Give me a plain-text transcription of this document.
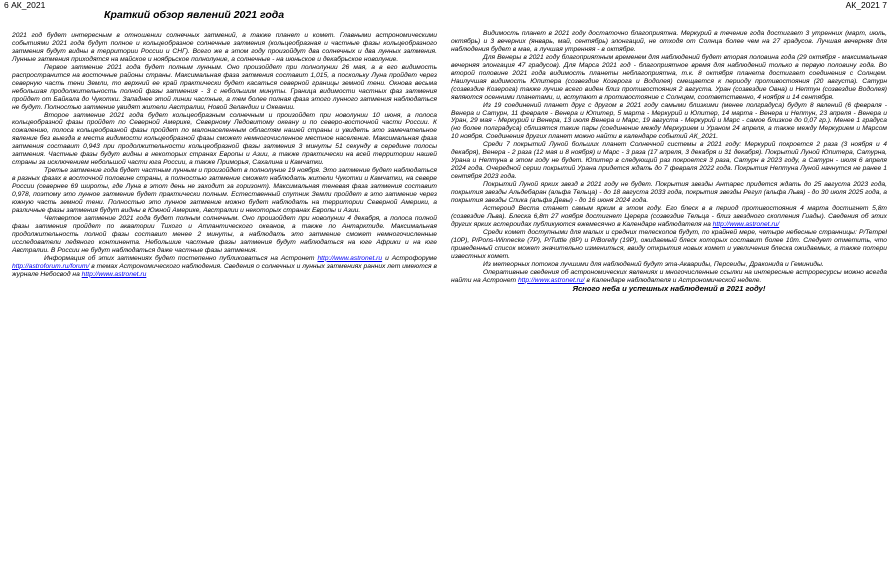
6 АК_2021
Краткий обзор явлений 2021 года

2021 год будет интересным в отношении солнечных затмений, а также планет и комет. Главными астрономическими событиями 2021 года будут полное и кольцеобразное солнечные затмения (кольцеобразная и частные фазы кольцеобразного затмения будут видны в территории России и СНГ). Всего же в этом году произойдут два солнечных и два лунных затмения. Лунные затмения приходятся на майское и ноябрьское полнолуние, а солнечные - на июньское и декабрьское новолуние.

Первое затмение 2021 года будет полным лунным. Оно произойдет при полнолунии 26 мая, а в его видимость распространится на восточные районы страны. Максимальная фаза затмения составит 1,015, а поскольку Луна пройдет через северную часть тени Земли, то верхний ее край практически будет касаться северной границы земной тени. Окнова весьма небольшая продолжительность полной фазы затмения - 3 с небольшим минуты. Граница видимости частных фаз затмения пройдет от Байкала до Чукотки. Западнее этой линии частные, а тем более полная фаза этого лунного затмения наблюдаться не будут. Полностью затмение увидят жители Австралии, Новой Зеландии и Океании.

Второе затмение 2021 года будет кольцеобразным солнечным и произойдет при новолунии 10 июня, а полоса кольцеобразной фазы пройдет по Северной Америке, Северному Ледовитому океану и по северо-восточной части России. К сожалению, полоса кольцеобразной фазы пройдет по малонаселенным областям нашей страны и увидеть это замечательное явление без выезда в места видимости кольцеобразной фазы сможет немногочисленное местное население. Максимальная фаза затмения составит 0,943 при продолжительности кольцеобразной фазы затмения 3 минуты 51 секунду в середине полосы затмения. Частные фазы будут видны в некоторых странах Европы и Азии, а также практически на всей территории нашей страны за исключением небольшой части юга России, а также Приморья, Сахалина и Камчатки.

Третье затмение года будет частным лунным и произойдет в полнолуние 19 ноября. Это затмение будет наблюдаться в разных фазах в восточной половине страны, а полностью затмение сможет наблюдать жители Чукотки и Камчатки, на севере России (севернее 69 широты, где Луна в этот день не заходит за горизонт). Максимальная теневая фаза затмения составит 0,978, поэтому это лунное затмение будет практически полным. Естественный спутник Земли пройдет в это затмение через южную часть земной тени. Полностью это лунное затмение можно будет наблюдать на территории Северной Америки, а различные фазы затмения будут видны в Южной Америке, Австралии и некоторых странах Европы и Азии.

Четвертое затмение 2021 года будет полным солнечным. Оно произойдет при новолунии 4 декабря, а полоса полной фазы затмения пройдет по акватории Тихого и Атлантического океанов, а также по Антарктиде. Максимальная продолжительность полной фазы составит менее 2 минуты, а наблюдать это затмение сможет немногочисленные исследователи ледяного континента. Небольшие частные фазы затмения будут наблюдаться на юге Африки и на юге Австралии. В России не будут наблюдаться даже частные фазы затмения.

Информация об этих затмениях будет постепенно публиковаться на Астронет http://www.astronet.ru и Астрофоруме http://astroforum.ru/forum/ в темах Астрономического наблюдения. Сведения о солнечных и лунных затмениях ранних лет имеются в журнале Небосвод на http://www.astronet.ru

АК_2021 7

Видимость планет в 2021 году достаточно благоприятна. Меркурий в течение года достигает 3 утренних (март, июль, октябрь) и 3 вечерних (январь, май, сентябрь) элонгаций, не отходя от Солнца более чем на 27 градусов. Лучшая вечерняя для наблюдения будет в мае, а лучшая утренняя - в октябре.

Для Венеры в 2021 году благоприятным временем для наблюдений будет вторая половина года (29 октября - максимальная вечерняя элонгация 47 градусов). Для Марса 2021 год - благоприятное время для наблюдений только в первую половину года. Во второй половине 2021 года видимость планеты неблагоприятна, т.к. 8 октября планета достигает соединения с Солнцем. Наилучшая видимость Юпитера (созвездие Козерога и Водолея) смещается к периоду противостояния (20 августа). Сатурн (созвездие Козерога) также лучше всего виден близ противостояния 2 августа. Уран (созвездие Овна) и Нептун (созвездие Водолея) являются осенними планетами, и, вступают в противостояние с Солнцем, соответственно, 4 ноября и 14 сентября.

Из 19 соединений планет друг с другом в 2021 году самыми близкими (менее полградуса) будут 8 явлений (6 февраля - Венера и Сатурн, 11 февраля - Венера и Юпитер, 5 марта - Меркурий и Юпитер, 14 марта - Венера и Нептун, 23 апреля - Венера и Уран, 29 мая - Меркурий и Венера, 13 июля Венера и Марс, 19 августа - Меркурий и Марс - самое близкое до 0,07 гр.). Менее 1 градуса (но более полградуса) сблизятся такие пары (соединение между Меркурием и Ураном 24 апреля, а также между Меркурием и Марсом 10 ноября. Соединения других планет можно найти в календаре событий АК_2021.

Среди 7 покрытий Луной больших планет Солнечной системы в 2021 году: Меркурий покроется 2 раза (3 ноября и 4 декабря), Венера - 2 раза (12 мая и 8 ноября) и Марс - 3 раза (17 апреля, 3 декабря и 31 декабря). Покрытий Луной Юпитера, Сатурна, Урана и Нептуна в этом году не будет. Юпитер в следующий раз покроется 3 раза, Сатурн в 2023 году, а Сатурн - июля 6 апреля 2024 года. Очередной серии покрытий Урана придется ждать до 7 февраля 2022 года. Покрытия Нептуна Луной начнутся не ранее 1 сентября 2023 года.

Покрытий Луной ярких звезд в 2021 году не будет. Покрытия звезды Антарес придется ждать до 25 августа 2023 года, покрытия звезды Альдебаран (альфа Тельца) - до 18 августа 2033 года, покрытия звезды Регул (альфа Льва) - до 30 июля 2025 года, а покрытия звезды Спика (альфа Девы) - до 16 июня 2024 года.

Астероид Веста станет самым ярким в этом году. Его блеск в в период противостояния 4 марта достигнет 5,8m (созвездие Льва). Блеска 6,8m 27 ноября достигнет Церера (созвездие Тельца - близ звездного скопления Гиады). Сведения об этих других ярких астероидах публикуются ежемесячно в Календаре наблюдателя на http://www.astronet.ru/

Среди комет доступными для малых и средних телескопов будут, по крайней мере, четыре небесные странницы: P/Tempel (10P), P/Pons-Winnecke (7P), P/Tuttle (8P) и P/Borelly (19P), ожидаемый блеск которых составит более 10m. Следует отметить, что приведенный список может значительно измениться, ввиду открытия новых комет и увеличения блеска ожидаемых, а также потери известных комет.

Из метеорных потоков лучшими для наблюдений будут эта-Аквариды, Персеиды, Драконида и Геминиды.

Оперативные сведения об астрономических явлениях и многочисленные ссылки на интересные астроресурсы можно всегда найти на Астронет http://www.astronet.ru/ в Календаре наблюдателя и Астрономической неделе.

Ясного неба и успешных наблюдений в 2021 году!
